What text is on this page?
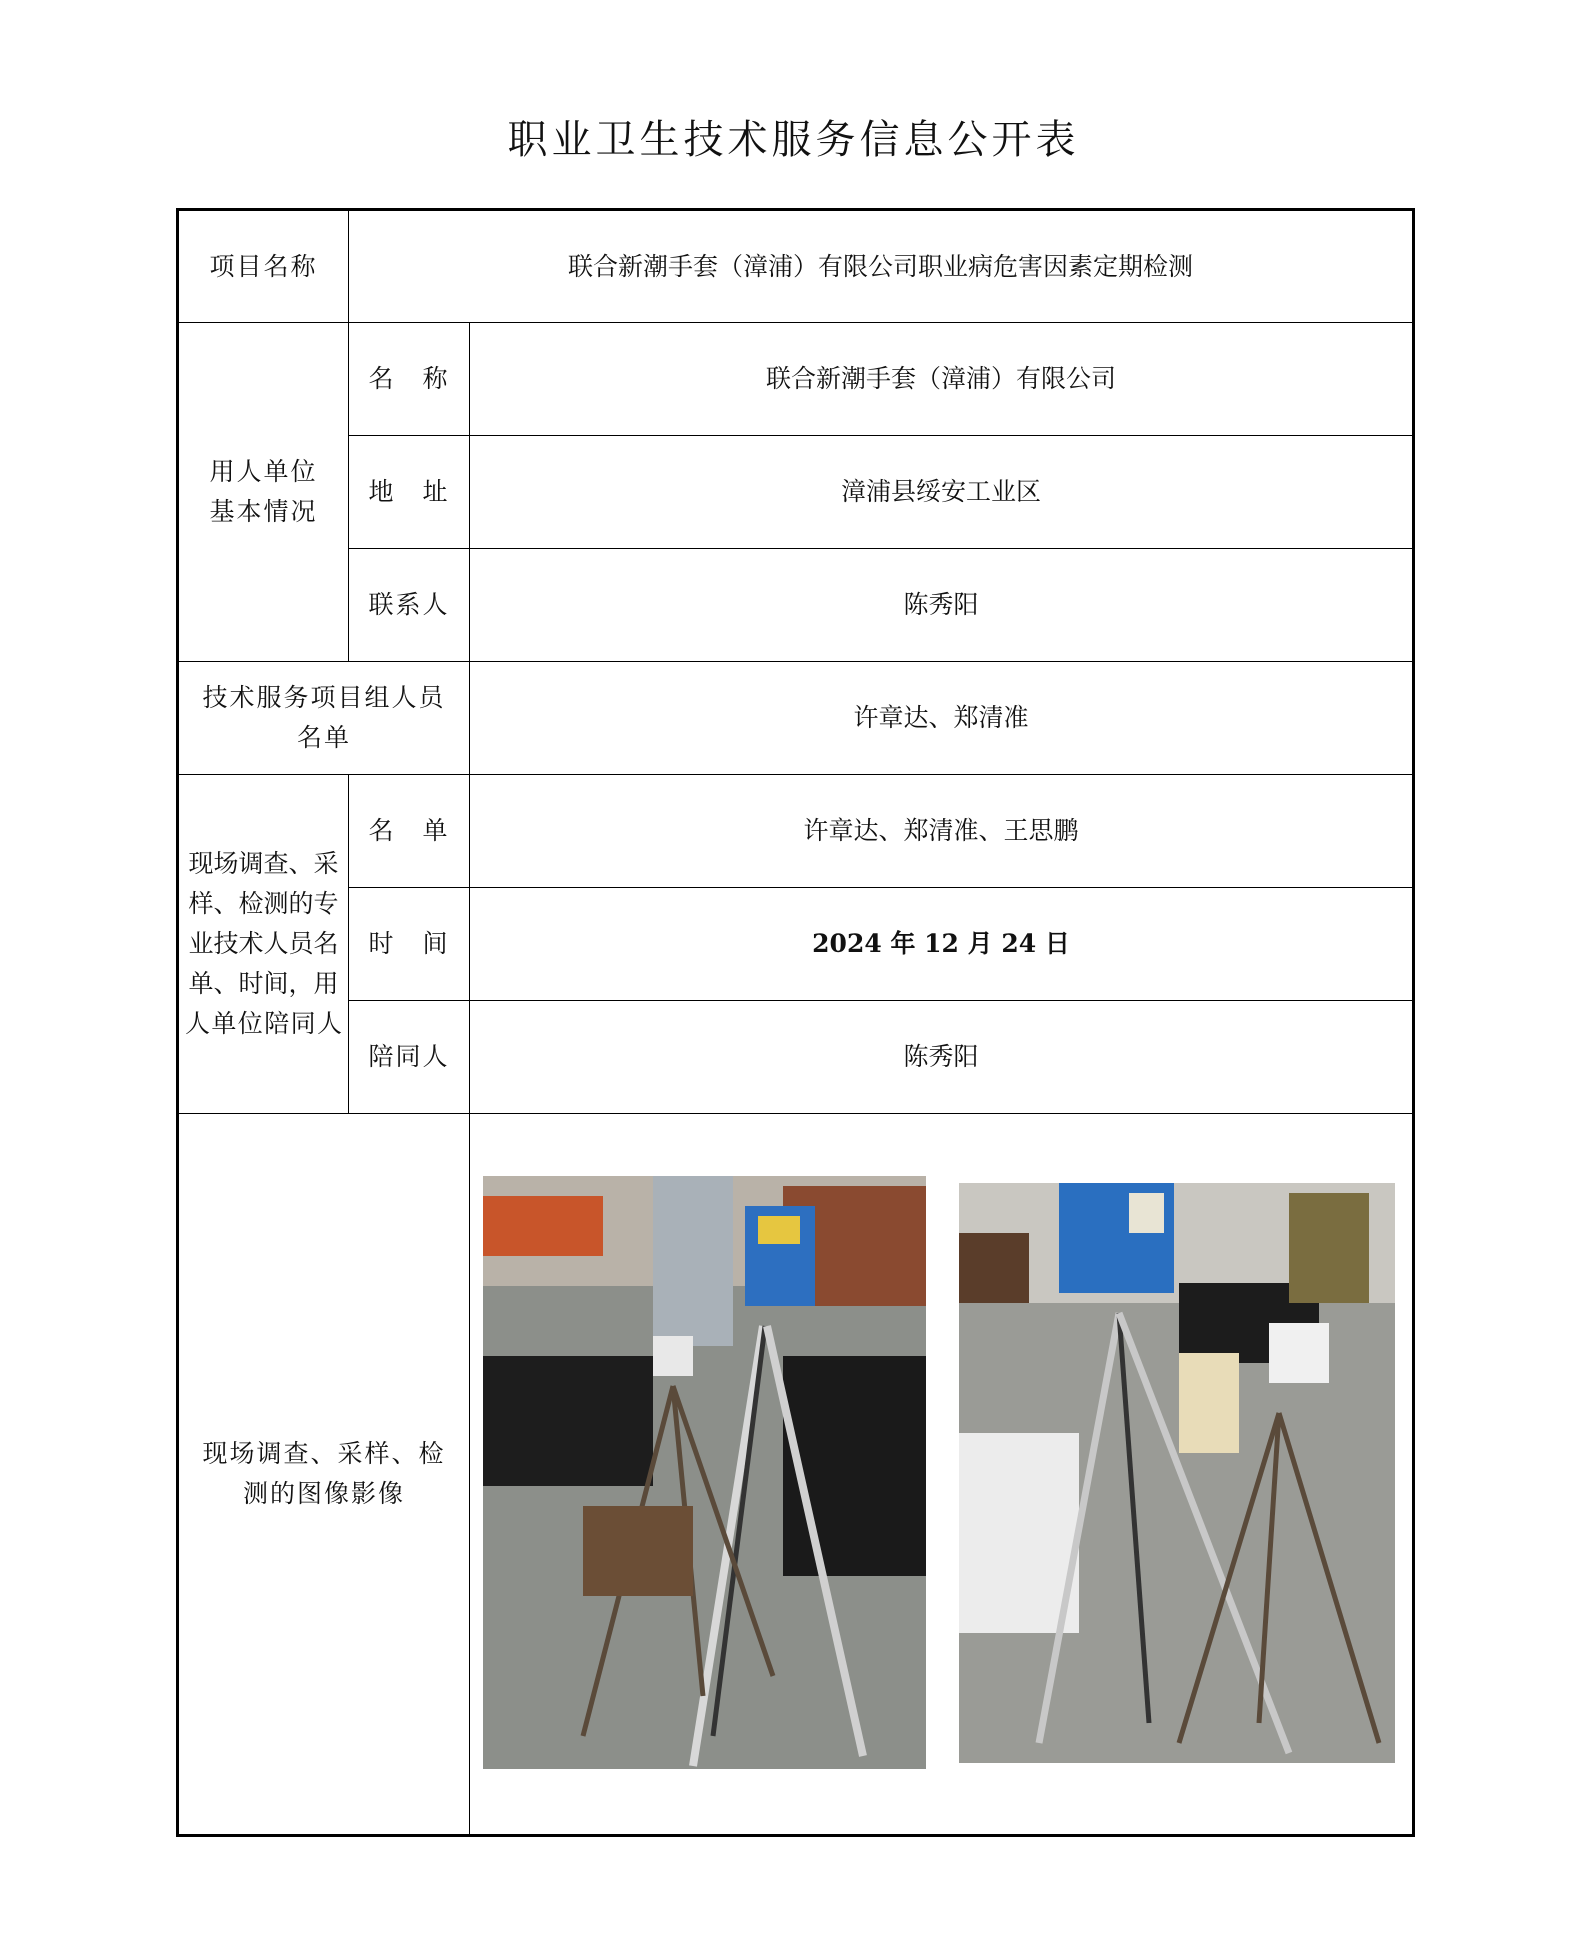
职业卫生技术服务信息公开表
项目名称	联合新潮手套（漳浦）有限公司职业病危害因素定期检测	

用人单位基本情况	名　称	联合新潮手套（漳浦）有限公司
	地　址	漳浦县绥安工业区
	联系人	陈秀阳

技术服务项目组人员名单		许章达、郑清准
现场调查、采样、检测的专业技术人员名单、时间，用人单位陪同人	名　单	许章达、郑清准、王思鹏
	时　间	2024 年 12 月 24 日
	陪同人	陈秀阳

现场调查、采样、检测的图像影像
